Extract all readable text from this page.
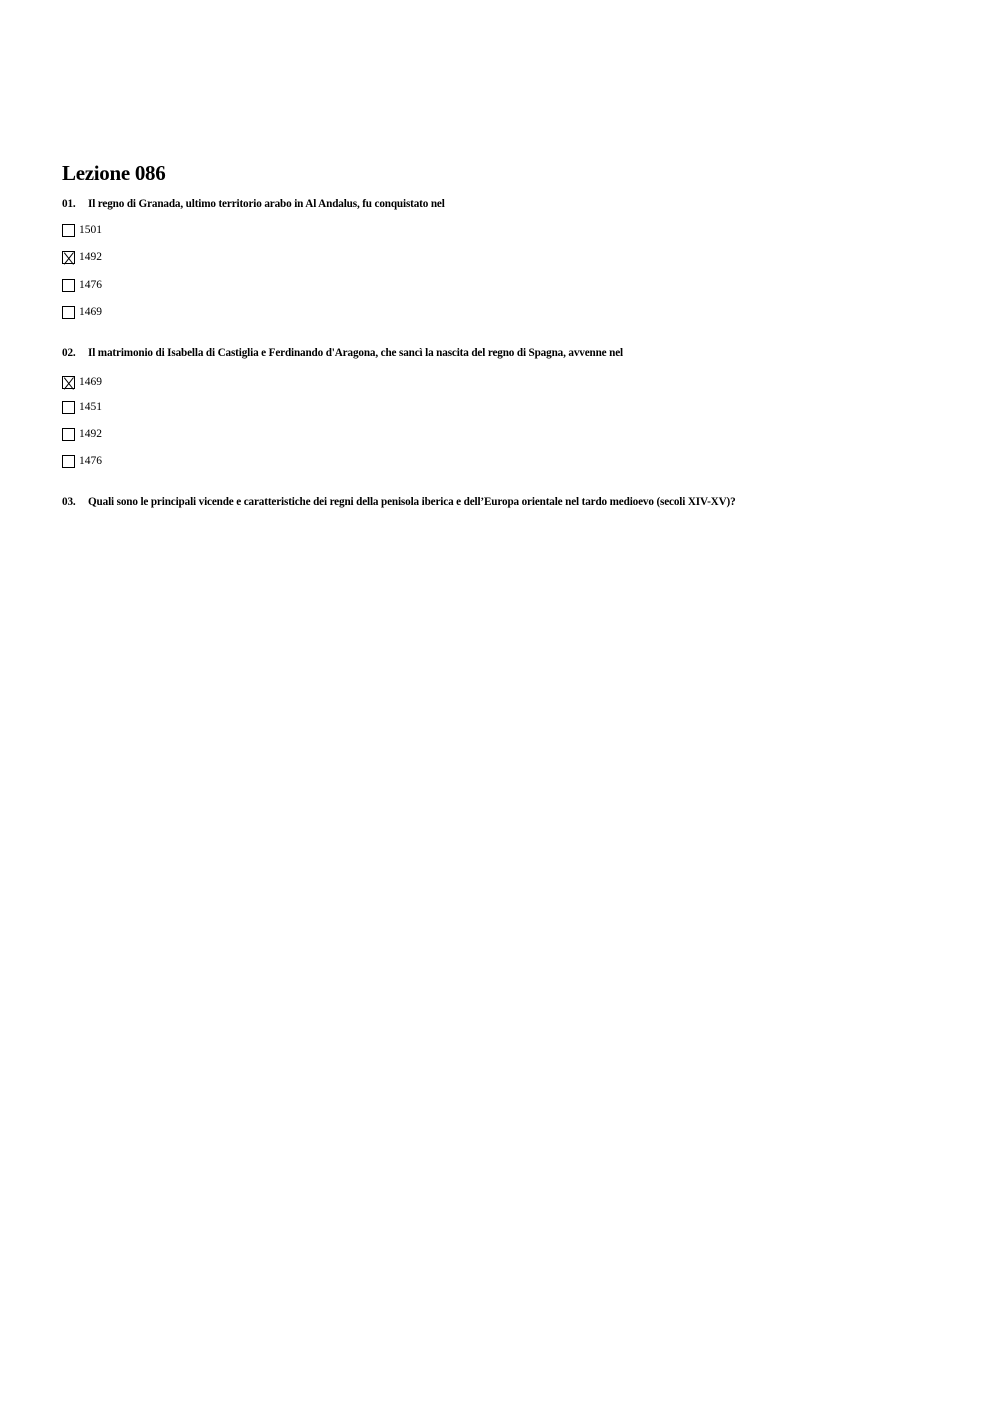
Lezione 086
01. Il regno di Granada, ultimo territorio arabo in Al Andalus, fu conquistato nel
1501
1492
1476
1469
02. Il matrimonio di Isabella di Castiglia e Ferdinando d'Aragona, che sancì la nascita del regno di Spagna, avvenne nel
1469
1451
1492
1476
03. Quali sono le principali vicende e caratteristiche dei regni della penisola iberica e dell’Europa orientale nel tardo medioevo (secoli XIV-XV)?
